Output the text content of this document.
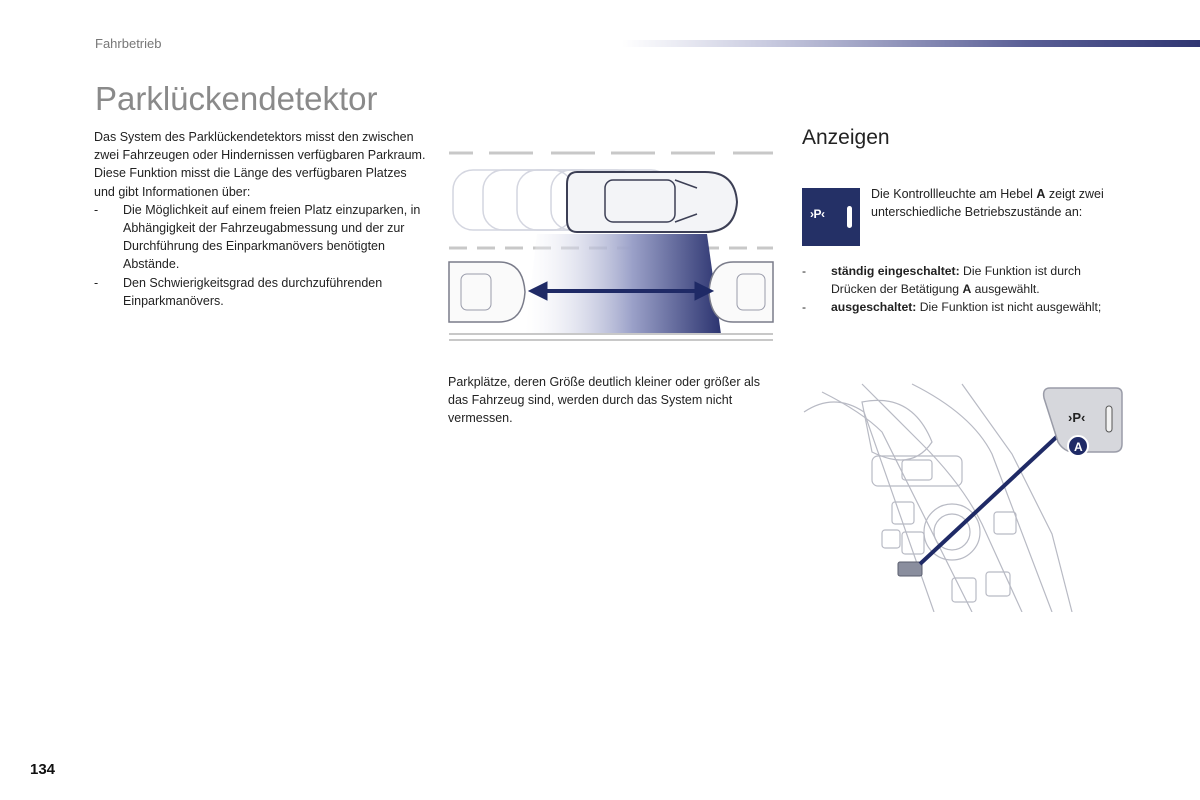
Fahrbetrieb
Parklückendetektor

Das System des Parklückendetektors misst den zwischen zwei Fahrzeugen oder Hindernissen verfügbaren Parkraum. Diese Funktion misst die Länge des verfügbaren Platzes und gibt Informationen über:

- Die Möglichkeit auf einem freien Platz einzuparken, in Abhängigkeit der Fahrzeugabmessung und der zur Durchführung des Einparkmanövers benötigten Abstände.
- Den Schwierigkeitsgrad des durchzuführenden Einparkmanövers.
Parkplätze, deren Größe deutlich kleiner oder größer als das Fahrzeug sind, werden durch das System nicht vermessen.
Anzeigen
›P‹
Die Kontrollleuchte am Hebel A zeigt zwei unterschiedliche Betriebszustände an:
- ständig eingeschaltet: Die Funktion ist durch Drücken der Betätigung A ausgewählt.
- ausgeschaltet: Die Funktion ist nicht ausgewählt;
›P‹
A
134
